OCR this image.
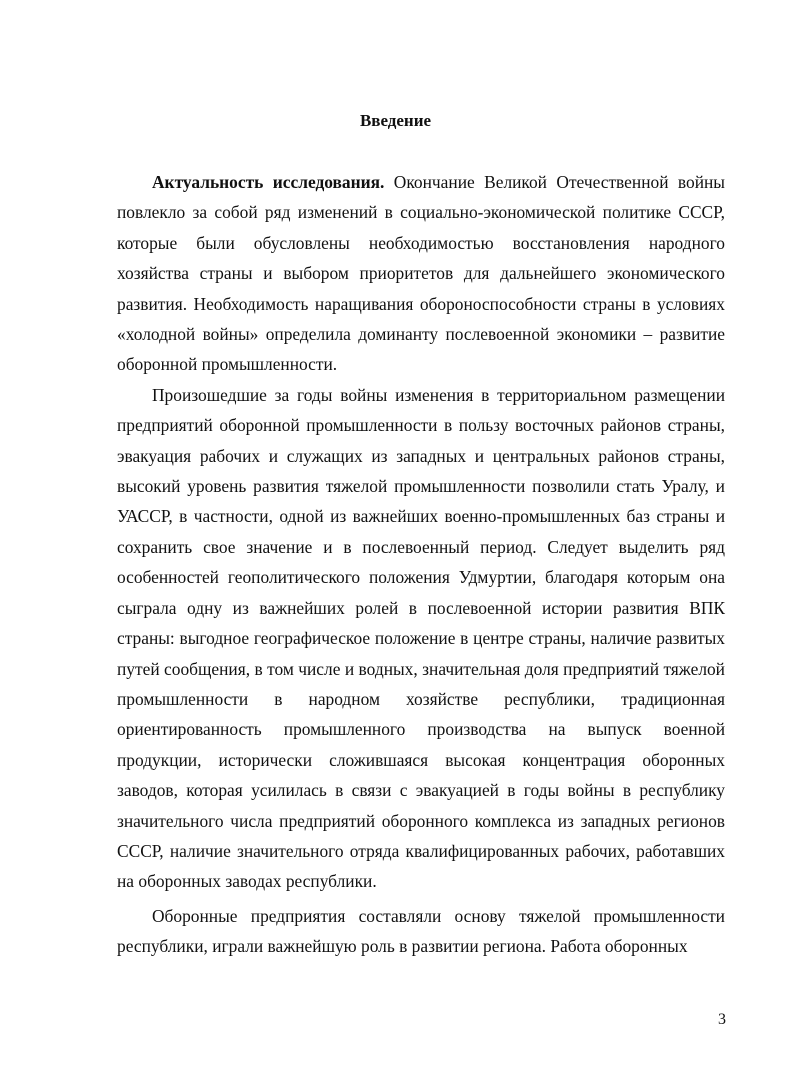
Введение

Актуальность исследования. Окончание Великой Отечественной войны повлекло за собой ряд изменений в социально-экономической политике СССР, которые были обусловлены необходимостью восстановления народного хозяйства страны и выбором приоритетов для дальнейшего экономического развития. Необходимость наращивания обороноспособности страны в условиях «холодной войны» определила доминанту послевоенной экономики – развитие оборонной промышленности.

Произошедшие за годы войны изменения в территориальном размещении предприятий оборонной промышленности в пользу восточных районов страны, эвакуация рабочих и служащих из западных и центральных районов страны, высокий уровень развития тяжелой промышленности позволили стать Уралу, и УАССР, в частности, одной из важнейших военно-промышленных баз страны и сохранить свое значение и в послевоенный период. Следует выделить ряд особенностей геополитического положения Удмуртии, благодаря которым она сыграла одну из важнейших ролей в послевоенной истории развития ВПК страны: выгодное географическое положение в центре страны, наличие развитых путей сообщения, в том числе и водных, значительная доля предприятий тяжелой промышленности в народном хозяйстве республики, традиционная ориентированность промышленного производства на выпуск военной продукции, исторически сложившаяся высокая концентрация оборонных заводов, которая усилилась в связи с эвакуацией в годы войны в республику значительного числа предприятий оборонного комплекса из западных регионов СССР, наличие значительного отряда квалифицированных рабочих, работавших на оборонных заводах республики.

Оборонные предприятия составляли основу тяжелой промышленности республики, играли важнейшую роль в развитии региона. Работа оборонных

3
